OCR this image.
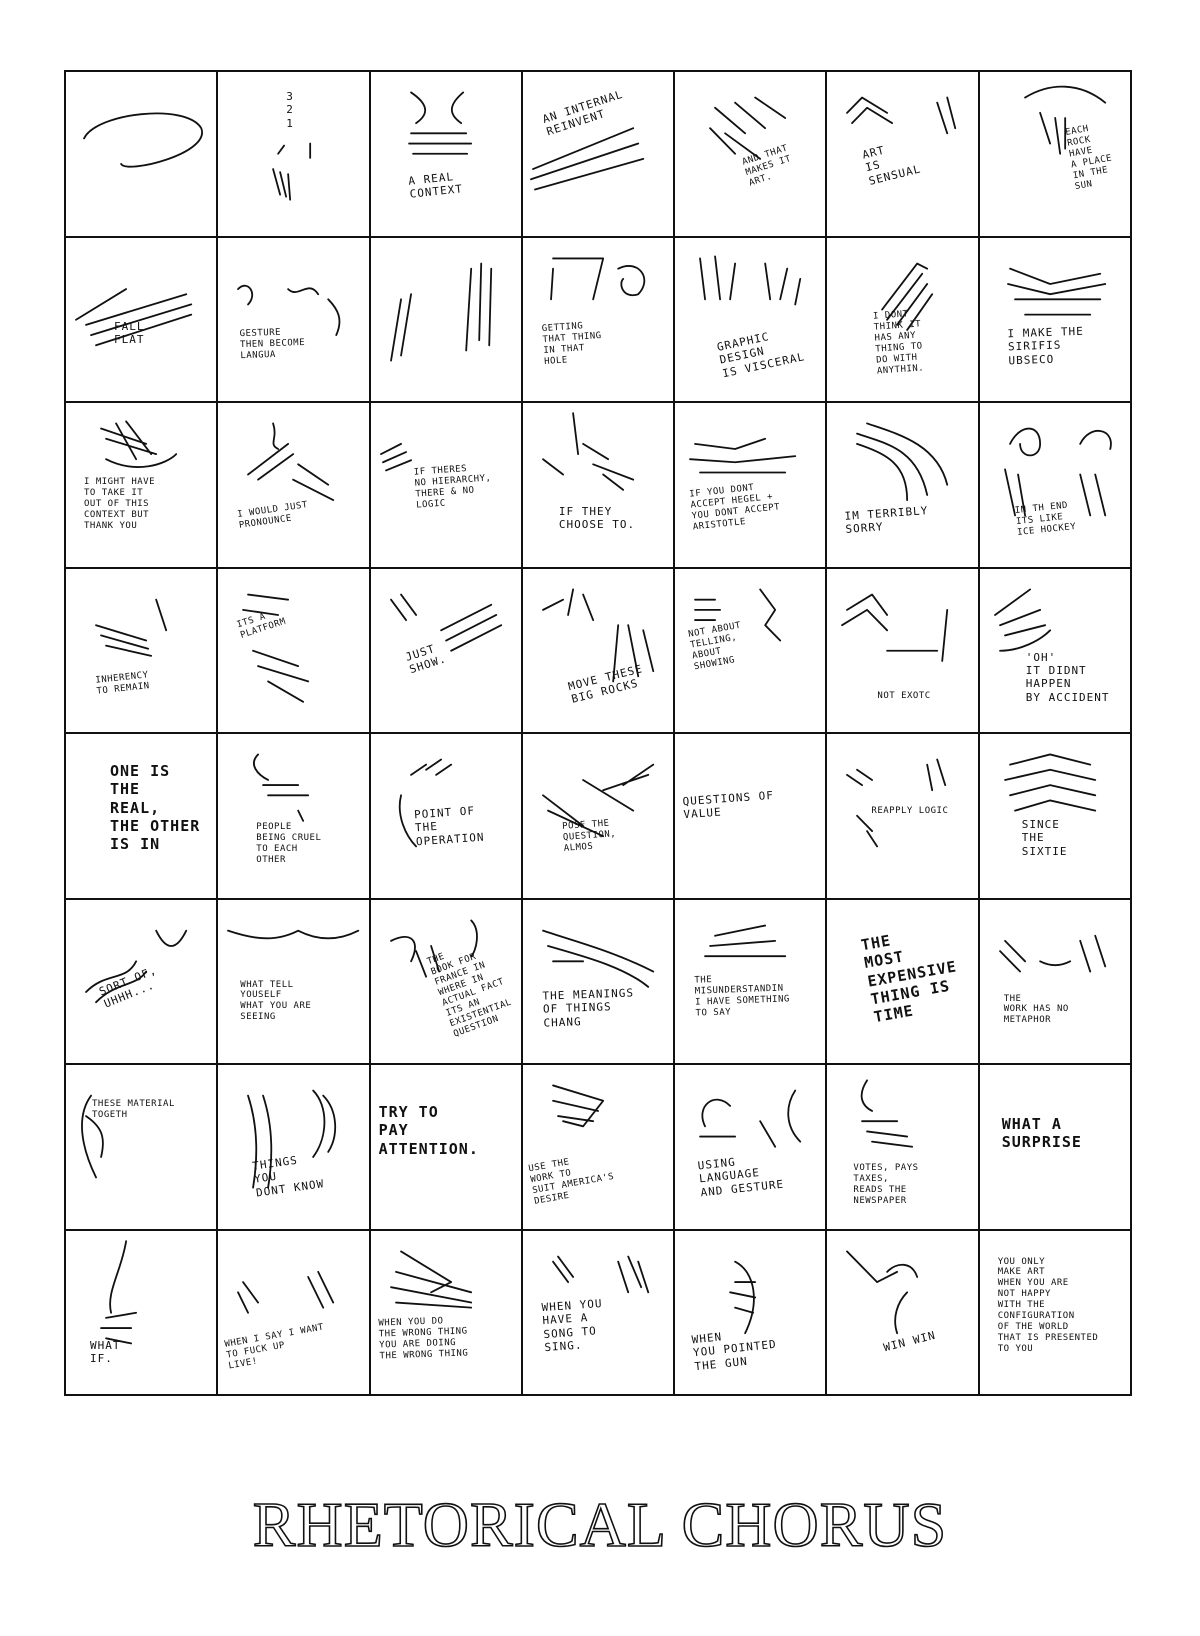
3
2
1
A REAL
CONTEXT
AN INTERNAL
REINVENT
AND THAT
MAKES IT
ART.
ART
IS
SENSUAL
EACH
ROCK
HAVE
A PLACE
IN THE
SUN
FALL
FLAT	GESTURE
THEN BECOME
LANGUA
GETTING
THAT THING
IN THAT
HOLE
GRAPHIC
DESIGN
IS VISCERAL
I DONT
THINK IT
HAS ANY
THING TO
DO WITH
ANYTHIN.
I MAKE THE
SIRIFIS
UBSECO
I MIGHT HAVE
TO TAKE IT
OUT OF THIS
CONTEXT BUT
THANK YOU
I WOULD JUST
PRONOUNCE
IF THERES
NO HIERARCHY,
THERE & NO
LOGIC
IF THEY
CHOOSE TO.
IF YOU DONT
ACCEPT HEGEL +
YOU DONT ACCEPT
ARISTOTLE
IM TERRIBLY
SORRY
IN TH END
ITS LIKE
ICE HOCKEY
INHERENCY
TO REMAIN
ITS A
PLATFORM
JUST
SHOW.	MOVE THESE
BIG ROCKS
NOT ABOUT
TELLING,
ABOUT
SHOWING
NOT EXOTC
'OH'
IT DIDNT
HAPPEN
BY ACCIDENT
ONE IS
THE
REAL,
THE OTHER
IS IN
PEOPLE
BEING CRUEL
TO EACH
OTHER
POINT OF
THE
OPERATION
POSE THE
QUESTION,
ALMOS
QUESTIONS OF
VALUE	REAPPLY LOGIC
SINCE
THE
SIXTIE
SORT OF,
UHHH...	WHAT TELL
YOUSELF
WHAT YOU ARE
SEEING
THE
BOOK FOR
FRANCE IN
WHERE IN
ACTUAL FACT
ITS AN
EXISTENTIAL
QUESTION
THE MEANINGS
OF THINGS
CHANG
THE
MISUNDERSTANDIN
I HAVE SOMETHING
TO SAY
THE
MOST
EXPENSIVE
THING IS
TIME
THE
WORK HAS NO
METAPHOR
THESE MATERIAL
TOGETH
THINGS
YOU
DONT KNOW
TRY TO
PAY
ATTENTION.
USE THE
WORK TO
SUIT AMERICA'S
DESIRE
USING
LANGUAGE
AND GESTURE
VOTES, PAYS
TAXES,
READS THE
NEWSPAPER
WHAT A
SURPRISE
WHAT
IF.
WHEN I SAY I WANT
TO FUCK UP
LIVE!
WHEN YOU DO
THE WRONG THING
YOU ARE DOING
THE WRONG THING
WHEN YOU
HAVE A
SONG TO
SING.
WHEN
YOU POINTED
THE GUN
WIN WIN
YOU ONLY
MAKE ART
WHEN YOU ARE
NOT HAPPY
WITH THE
CONFIGURATION
OF THE WORLD
THAT IS PRESENTED
TO YOU
RHETORICAL CHORUS
